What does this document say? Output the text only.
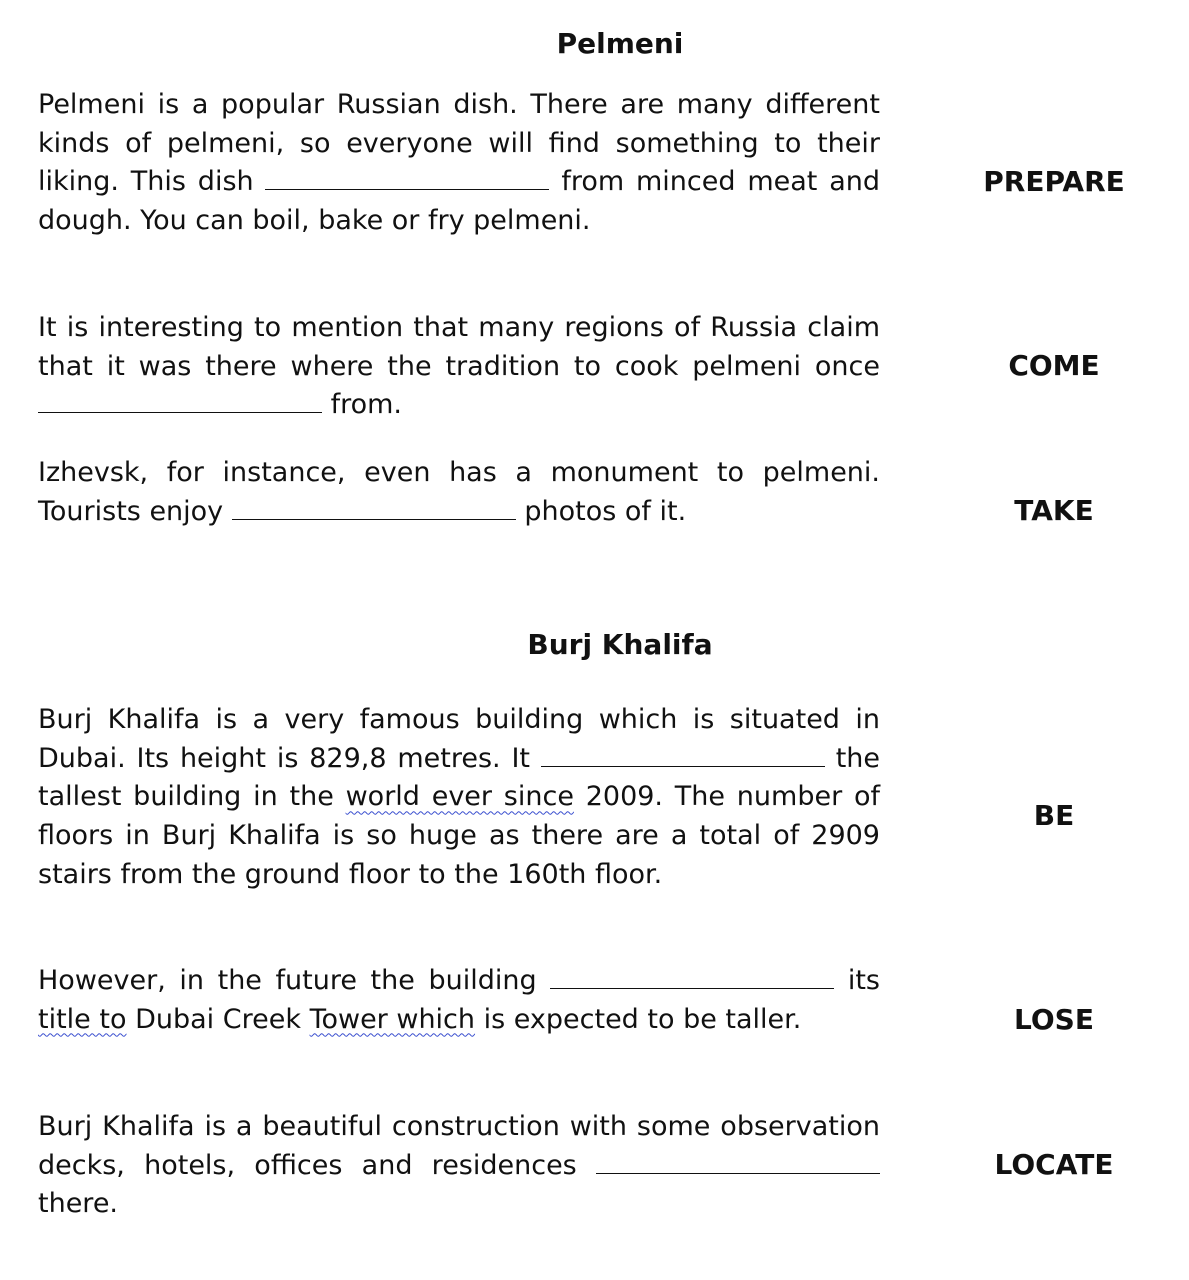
Pelmeni

Pelmeni is a popular Russian dish. There are many different kinds of pelmeni, so everyone will find something to their liking. This dish	from minced meat and dough. You can boil, bake or fry pelmeni.

PREPARE

It is interesting to mention that many regions of Russia claim that it was there where the tradition to cook pelmeni once  from.

COME

Izhevsk, for instance, even has a monument to pelmeni. Tourists enjoy	photos of it.	TAKE
Burj Khalifa

Burj Khalifa is a very famous building which is situated in Dubai. Its height is 829,8 metres. It	the tallest building in the world ever since 2009. The number of floors in Burj Khalifa is so huge as there are a total of 2909 stairs from the ground floor to the 160th floor.

BE

However, in the future the building	its title to Dubai Creek Tower which is expected to be taller.	LOSE

Burj Khalifa is a beautiful construction with some observation decks, hotels, offices and residences  there.

LOCATE
